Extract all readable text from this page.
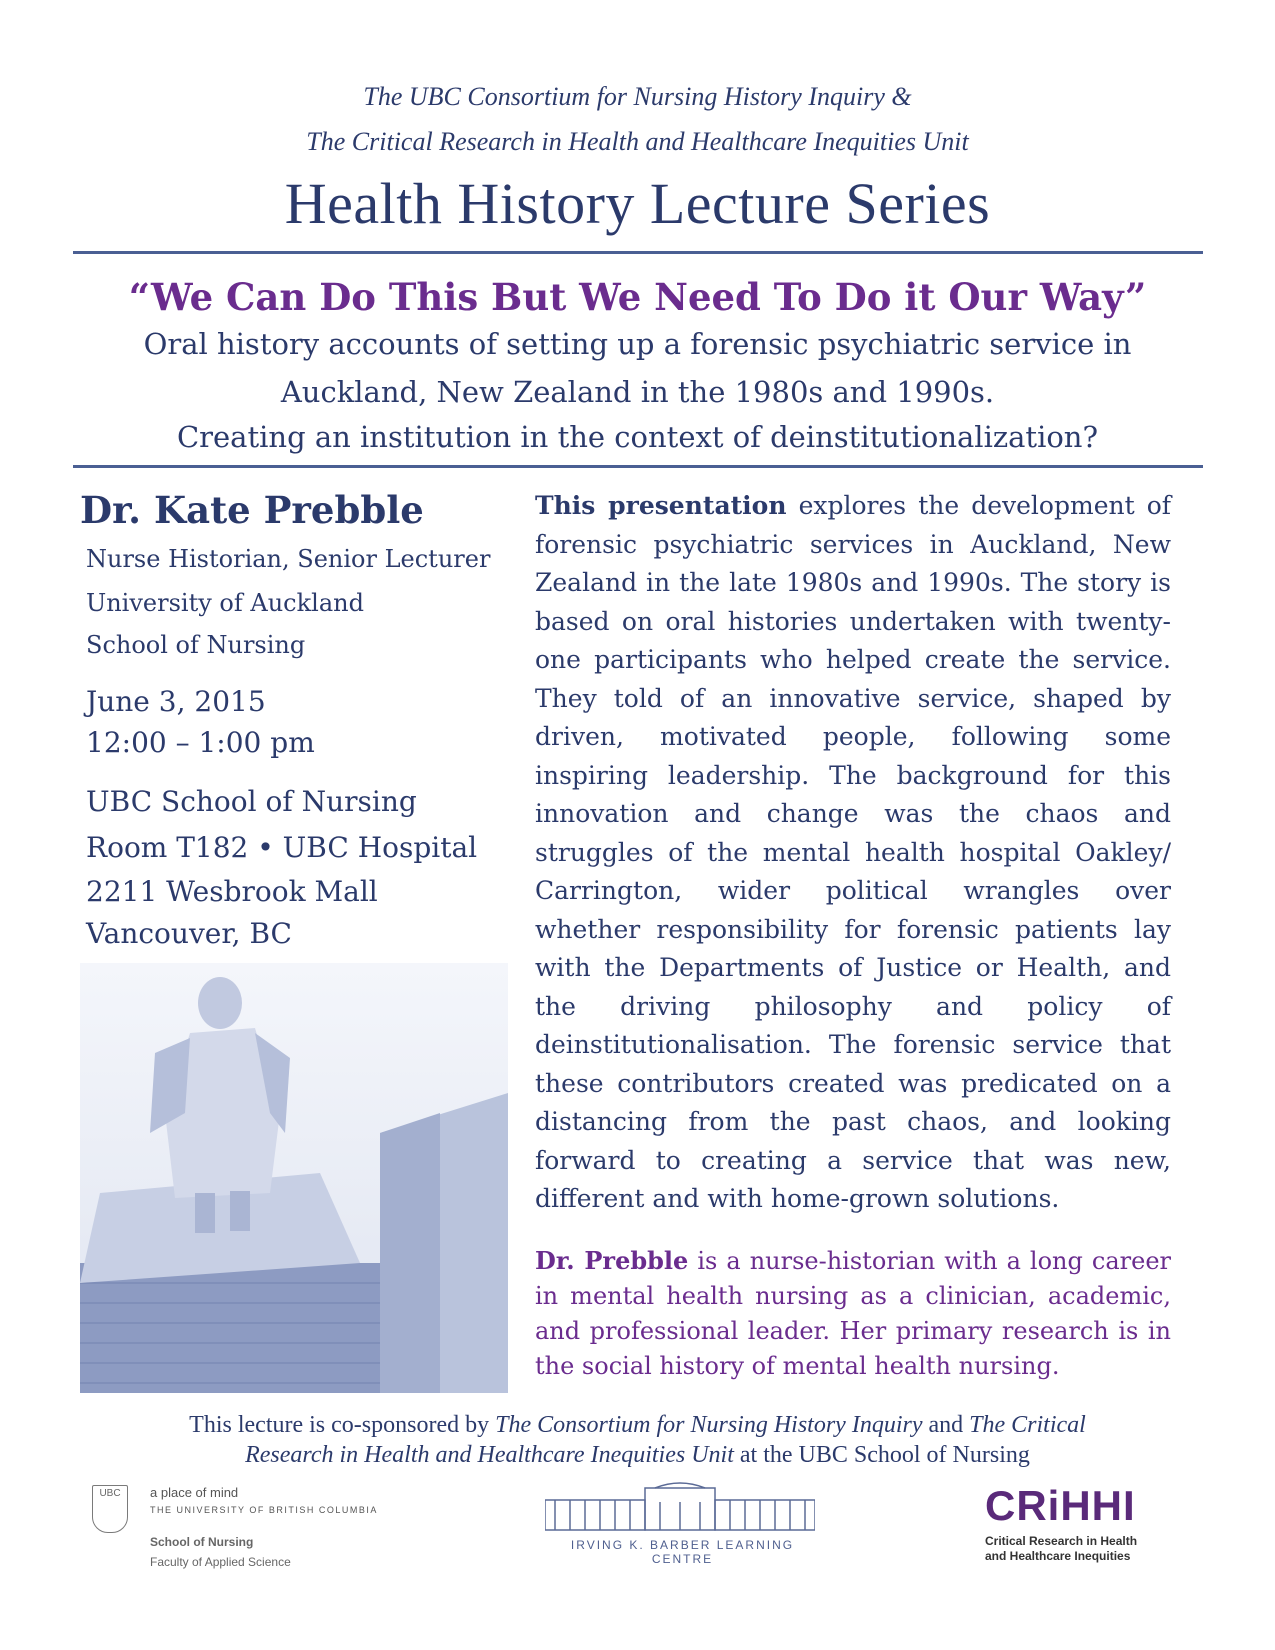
The UBC Consortium for Nursing History Inquiry &
The Critical Research in Health and Healthcare Inequities Unit
Health History Lecture Series
“We Can Do This But We Need To Do it Our Way”
Oral history accounts of setting up a forensic psychiatric service in
Auckland, New Zealand in the 1980s and 1990s.
Creating an institution in the context of deinstitutionalization?
Dr. Kate Prebble
Nurse Historian, Senior Lecturer
University of Auckland
School of Nursing
June 3, 2015
12:00 – 1:00 pm
UBC School of Nursing
Room T182 • UBC Hospital
2211 Wesbrook Mall
Vancouver, BC
This presentation explores the development of forensic psychiatric services in Auckland, New Zealand in the late 1980s and 1990s. The story is based on oral histories undertaken with twenty-one participants who helped create the service. They told of an innovative service, shaped by driven, motivated people, following some inspiring leadership. The background for this innovation and change was the chaos and struggles of the mental health hospital Oakley/ Carrington, wider political wrangles over whether responsibility for forensic patients lay with the Departments of Justice or Health, and the driving philosophy and policy of deinstitutionalisation. The forensic service that these contributors created was predicated on a distancing from the past chaos, and looking forward to creating a service that was new, different and with home-grown solutions.
Dr. Prebble is a nurse-historian with a long career in mental health nursing as a clinician, academic, and professional leader. Her primary research is in the social history of mental health nursing.
This lecture is co-sponsored by The Consortium for Nursing History Inquiry and The Critical
Research in Health and Healthcare Inequities Unit at the UBC School of Nursing
UBC	a place of mind
THE UNIVERSITY OF BRITISH COLUMBIA
School of Nursing
Faculty of Applied Science
IRVING K. BARBER LEARNING CENTRE
CRiHHI
Critical Research in Health
and Healthcare Inequities
